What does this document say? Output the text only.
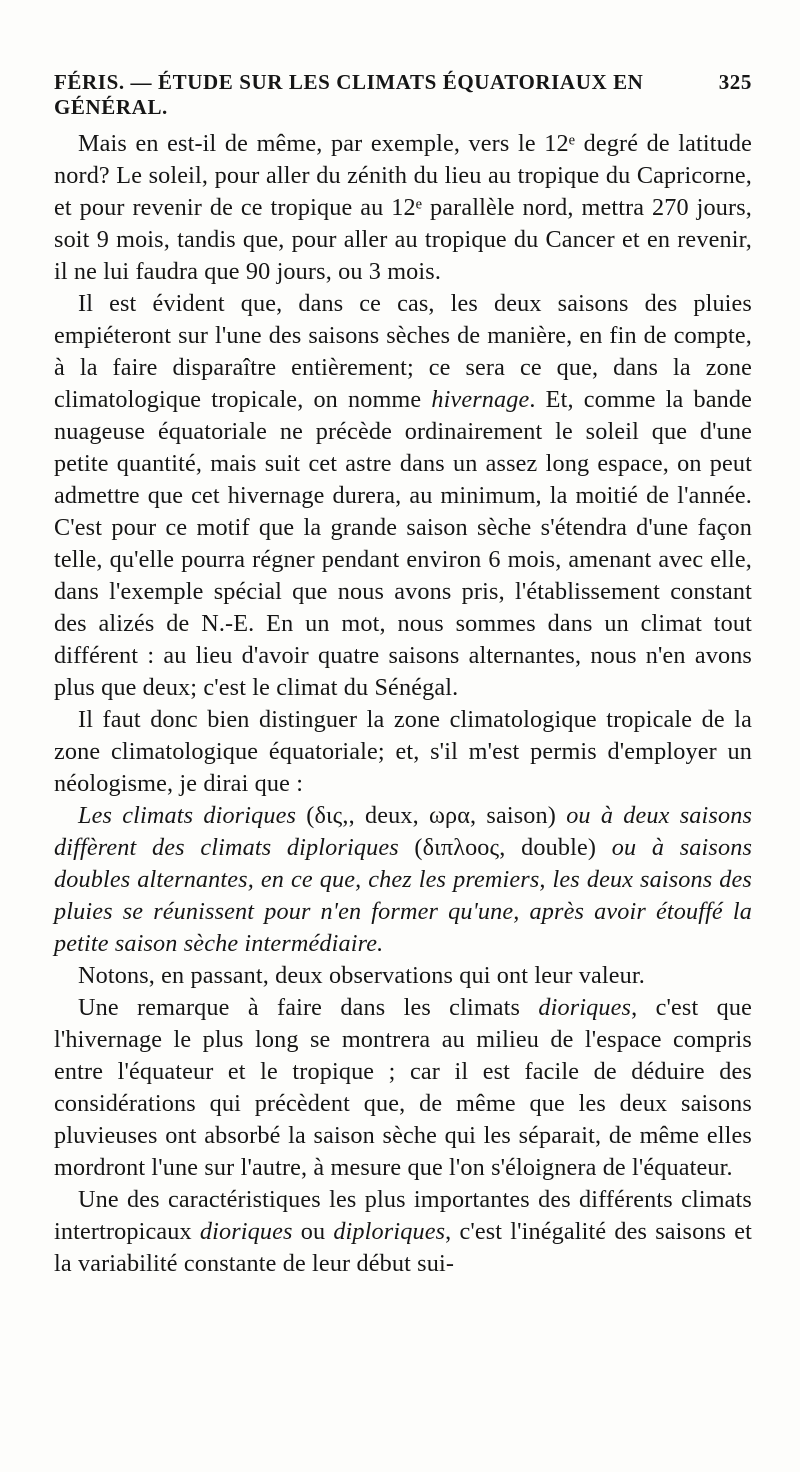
FÉRIS. — ÉTUDE SUR LES CLIMATS ÉQUATORIAUX EN GÉNÉRAL.
325

Mais en est-il de même, par exemple, vers le 12ᵉ degré de latitude nord? Le soleil, pour aller du zénith du lieu au tropique du Capricorne, et pour revenir de ce tropique au 12ᵉ parallèle nord, mettra 270 jours, soit 9 mois, tandis que, pour aller au tropique du Cancer et en revenir, il ne lui faudra que 90 jours, ou 3 mois.

Il est évident que, dans ce cas, les deux saisons des pluies empiéteront sur l'une des saisons sèches de manière, en fin de compte, à la faire disparaître entièrement; ce sera ce que, dans la zone climatologique tropicale, on nomme hivernage. Et, comme la bande nuageuse équatoriale ne précède ordinairement le soleil que d'une petite quantité, mais suit cet astre dans un assez long espace, on peut admettre que cet hivernage durera, au minimum, la moitié de l'année. C'est pour ce motif que la grande saison sèche s'étendra d'une façon telle, qu'elle pourra régner pendant environ 6 mois, amenant avec elle, dans l'exemple spécial que nous avons pris, l'établissement constant des alizés de N.-E. En un mot, nous sommes dans un climat tout différent : au lieu d'avoir quatre saisons alternantes, nous n'en avons plus que deux; c'est le climat du Sénégal.

Il faut donc bien distinguer la zone climatologique tropicale de la zone climatologique équatoriale; et, s'il m'est permis d'employer un néologisme, je dirai que :

Les climats dioriques (δις,, deux, ωρα, saison) ou à deux saisons diffèrent des climats diploriques (διπλοος, double) ou à saisons doubles alternantes, en ce que, chez les premiers, les deux saisons des pluies se réunissent pour n'en former qu'une, après avoir étouffé la petite saison sèche intermédiaire.

Notons, en passant, deux observations qui ont leur valeur.

Une remarque à faire dans les climats dioriques, c'est que l'hivernage le plus long se montrera au milieu de l'espace compris entre l'équateur et le tropique ; car il est facile de déduire des considérations qui précèdent que, de même que les deux saisons pluvieuses ont absorbé la saison sèche qui les séparait, de même elles mordront l'une sur l'autre, à mesure que l'on s'éloignera de l'équateur.

Une des caractéristiques les plus importantes des différents climats intertropicaux dioriques ou diploriques, c'est l'inégalité des saisons et la variabilité constante de leur début sui-
